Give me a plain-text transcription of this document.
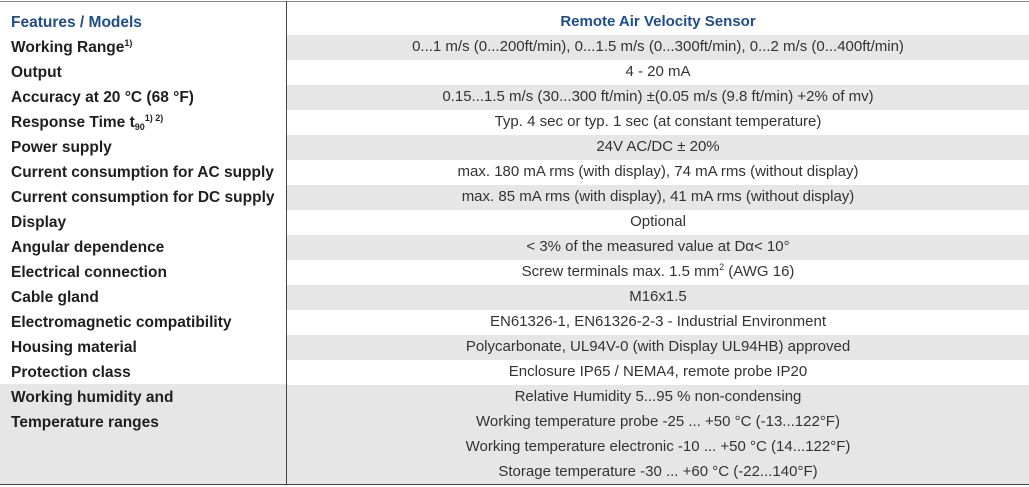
Features / Models	Remote Air Velocity Sensor
Working Range$^{1)}$	0...1 m/s (0...200ft/min), 0...1.5 m/s (0...300ft/min), 0...2 m/s (0...400ft/min)
Output	4 - 20 mA
Accuracy at 20 °C (68 °F)	0.15...1.5 m/s (30...300 ft/min) ±(0.05 m/s (9.8 ft/min) +2% of mv)
Response Time $t_{90}^{1) 2)}$	Typ. 4 sec or typ. 1 sec (at constant temperature)
Power supply	24V AC/DC ± 20%
Current consumption for AC supply	max. 180 mA rms (with display), 74 mA rms (without display)
Current consumption for DC supply	max. 85 mA rms (with display), 41 mA rms (without display)
Display	Optional
Angular dependence	< 3% of the measured value at Dα< 10°
Electrical connection	Screw terminals max. 1.5 $mm^2$ (AWG 16)
Cable gland	M16x1.5
Electromagnetic compatibility	EN61326-1, EN61326-2-3 - Industrial Environment
Housing material	Polycarbonate, UL94V-0 (with Display UL94HB) approved
Protection class	Enclosure IP65 / NEMA4, remote probe IP20
Working humidity and	Relative Humidity 5...95 % non-condensing
Temperature ranges	Working temperature probe -25 ... +50 °C (-13...122°F)
Working temperature electronic -10 ... +50 °C (14...122°F)
Storage temperature -30 ... +60 °C (-22...140°F)
